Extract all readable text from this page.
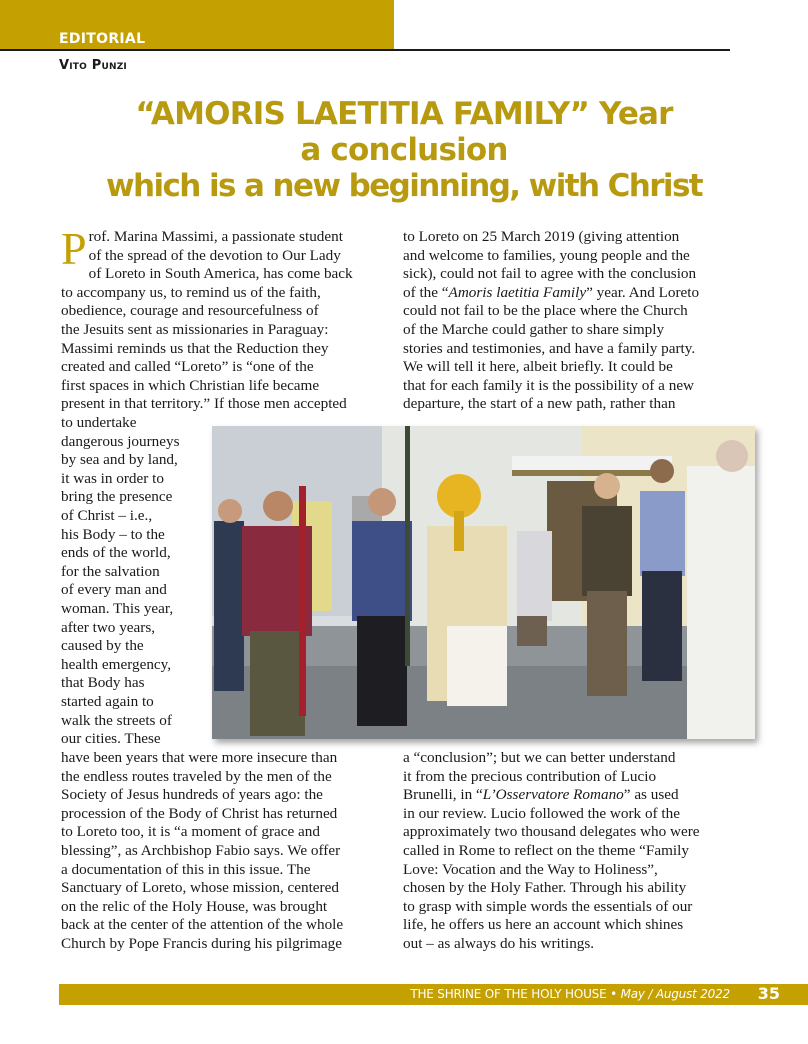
EDITORIAL
Vito Punzi
“AMORIS LAETITIA FAMILY” Year
a conclusion
which is a new beginning, with Christ
P rof. Marina Massimi, a passionate student
of the spread of the devotion to Our Lady
of Loreto in South America, has come back
to accompany us, to remind us of the faith,
obedience, courage and resourcefulness of
the Jesuits sent as missionaries in Paraguay:
Massimi reminds us that the Reduction they
created and called “Loreto” is “one of the
first spaces in which Christian life became
present in that territory.” If those men accepted
to undertake
dangerous journeys
by sea and by land,
it was in order to
bring the presence
of Christ – i.e.,
his Body – to the
ends of the world,
for the salvation
of every man and
woman. This year,
after two years,
caused by the
health emergency,
that Body has
started again to
walk the streets of
our cities. These
have been years that were more insecure than
the endless routes traveled by the men of the
Society of Jesus hundreds of years ago: the
procession of the Body of Christ has returned
to Loreto too, it is “a moment of grace and
blessing”, as Archbishop Fabio says. We offer
a documentation of this in this issue. The
Sanctuary of Loreto, whose mission, centered
on the relic of the Holy House, was brought
back at the center of the attention of the whole
Church by Pope Francis during his pilgrimage
to Loreto on 25 March 2019 (giving attention
and welcome to families, young people and the
sick), could not fail to agree with the conclusion
of the “Amoris laetitia Family” year. And Loreto
could not fail to be the place where the Church
of the Marche could gather to share simply
stories and testimonies, and have a family party.
We will tell it here, albeit briefly. It could be
that for each family it is the possibility of a new
departure, the start of a new path, rather than
a “conclusion”; but we can better understand
it from the precious contribution of Lucio
Brunelli, in “L’Osservatore Romano” as used
in our review. Lucio followed the work of the
approximately two thousand delegates who were
called in Rome to reflect on the theme “Family
Love: Vocation and the Way to Holiness”,
chosen by the Holy Father. Through his ability
to grasp with simple words the essentials of our
life, he offers us here an account which shines
out – as always do his writings.
THE SHRINE OF THE HOLY HOUSE • May / August 2022 35
